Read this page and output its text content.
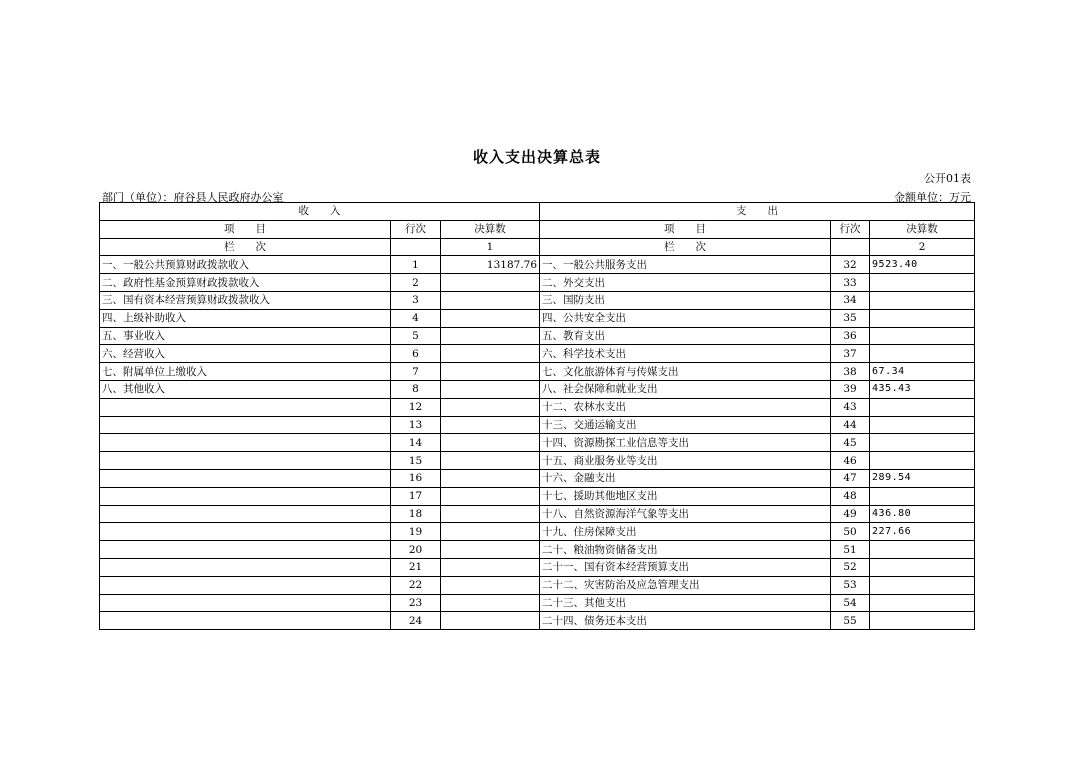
收入支出决算总表
公开01表
部门（单位）：府谷县人民政府办公室	金额单位：万元
收　　入			支　　出		
项　　目	行次	决算数	项　　目	行次	决算数
栏　　次		1	栏　　次		2
一、一般公共预算财政拨款收入	1	13187.76	一、一般公共服务支出	32	9523.40
二、政府性基金预算财政拨款收入	2		二、外交支出	33	
三、国有资本经营预算财政拨款收入	3		三、国防支出	34	
四、上级补助收入	4		四、公共安全支出	35	
五、事业收入	5		五、教育支出	36	
六、经营收入	6		六、科学技术支出	37	
七、附属单位上缴收入	7		七、文化旅游体育与传媒支出	38	67.34
八、其他收入	8		八、社会保障和就业支出	39	435.43
	12		十二、农林水支出	43	
	13		十三、交通运输支出	44	
	14		十四、资源勘探工业信息等支出	45	
	15		十五、商业服务业等支出	46	
	16		十六、金融支出	47	289.54
	17		十七、援助其他地区支出	48	
	18		十八、自然资源海洋气象等支出	49	436.80
	19		十九、住房保障支出	50	227.66
	20		二十、粮油物资储备支出	51	
	21		二十一、国有资本经营预算支出	52	
	22		二十二、灾害防治及应急管理支出	53	
	23		二十三、其他支出	54	
	24		二十四、债务还本支出	55	
